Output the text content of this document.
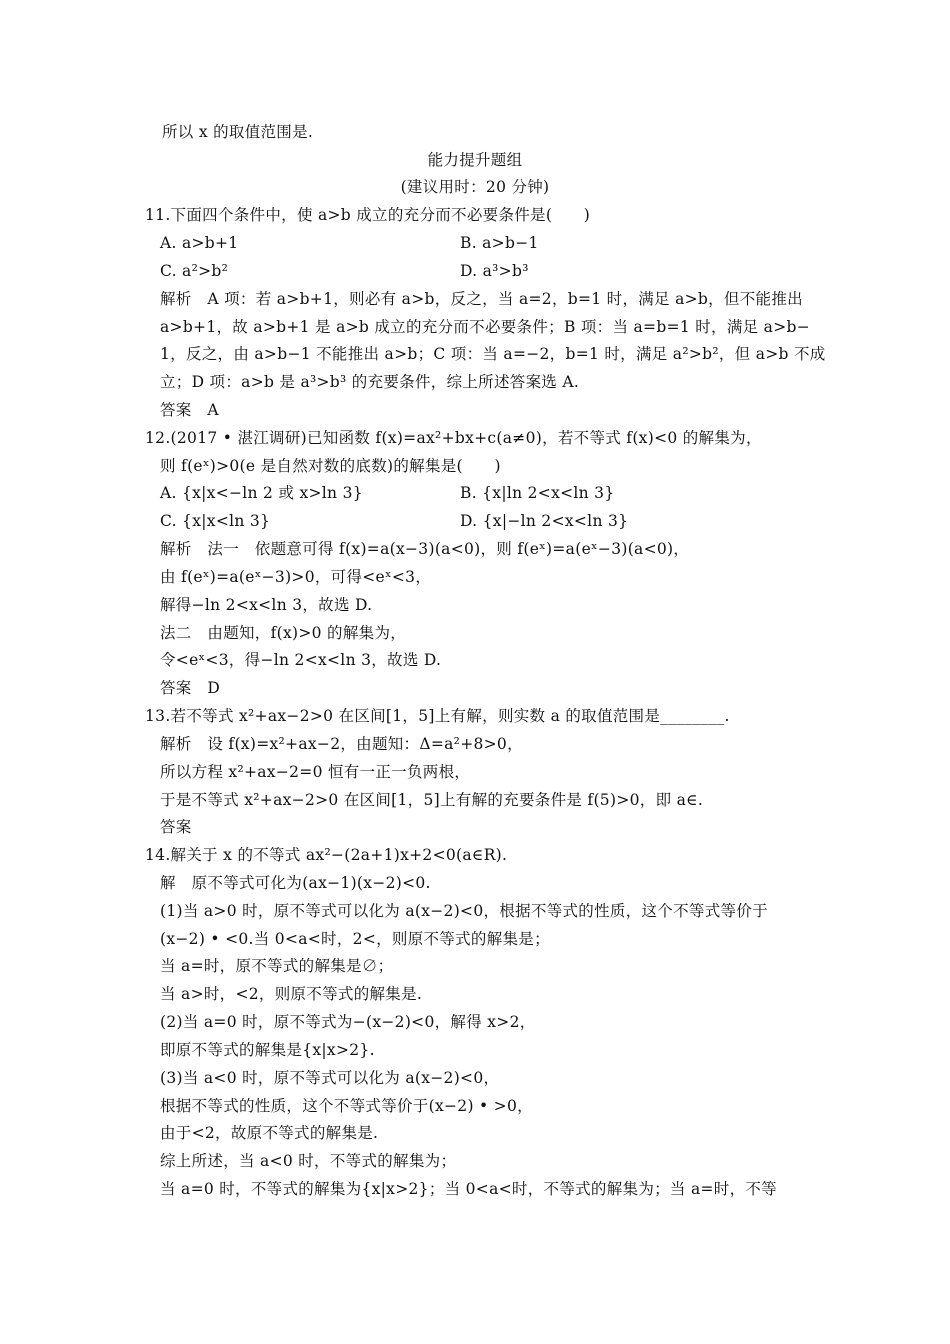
所以 x 的取值范围是.
能力提升题组
(建议用时：20 分钟)
11.下面四个条件中，使 a>b 成立的充分而不必要条件是(　　)
A. a>b+1	B. a>b−1
C. a²>b²	D. a³>b³
解析　A 项：若 a>b+1，则必有 a>b，反之，当 a=2，b=1 时，满足 a>b，但不能推出
a>b+1，故 a>b+1 是 a>b 成立的充分而不必要条件；B 项：当 a=b=1 时，满足 a>b−
1，反之，由 a>b−1 不能推出 a>b；C 项：当 a=−2，b=1 时，满足 a²>b²，但 a>b 不成
立；D 项：a>b 是 a³>b³ 的充要条件，综上所述答案选 A.
答案　A
12.(2017 • 湛江调研)已知函数 f(x)=ax²+bx+c(a≠0)，若不等式 f(x)<0 的解集为，
则 f(eˣ)>0(e 是自然对数的底数)的解集是(　　)
A. {x|x<−ln 2 或 x>ln 3}	B. {x|ln 2<x<ln 3}
C. {x|x<ln 3}	D. {x|−ln 2<x<ln 3}
解析　法一　依题意可得 f(x)=a(x−3)(a<0)，则 f(eˣ)=a(eˣ−3)(a<0)，
由 f(eˣ)=a(eˣ−3)>0，可得<eˣ<3，
解得−ln 2<x<ln 3，故选 D.
法二　由题知，f(x)>0 的解集为，
令<eˣ<3，得−ln 2<x<ln 3，故选 D.
答案　D
13.若不等式 x²+ax−2>0 在区间[1，5]上有解，则实数 a 的取值范围是________.
解析　设 f(x)=x²+ax−2，由题知：Δ=a²+8>0，
所以方程 x²+ax−2=0 恒有一正一负两根，
于是不等式 x²+ax−2>0 在区间[1，5]上有解的充要条件是 f(5)>0，即 a∈.
答案
14.解关于 x 的不等式 ax²−(2a+1)x+2<0(a∈R).
解　原不等式可化为(ax−1)(x−2)<0.
(1)当 a>0 时，原不等式可以化为 a(x−2)<0，根据不等式的性质，这个不等式等价于
(x−2) • <0.当 0<a<时，2<，则原不等式的解集是；
当 a=时，原不等式的解集是∅；
当 a>时，<2，则原不等式的解集是.
(2)当 a=0 时，原不等式为−(x−2)<0，解得 x>2，
即原不等式的解集是{x|x>2}.
(3)当 a<0 时，原不等式可以化为 a(x−2)<0，
根据不等式的性质，这个不等式等价于(x−2) • >0，
由于<2，故原不等式的解集是.
综上所述，当 a<0 时，不等式的解集为；
当 a=0 时，不等式的解集为{x|x>2}；当 0<a<时，不等式的解集为；当 a=时，不等
